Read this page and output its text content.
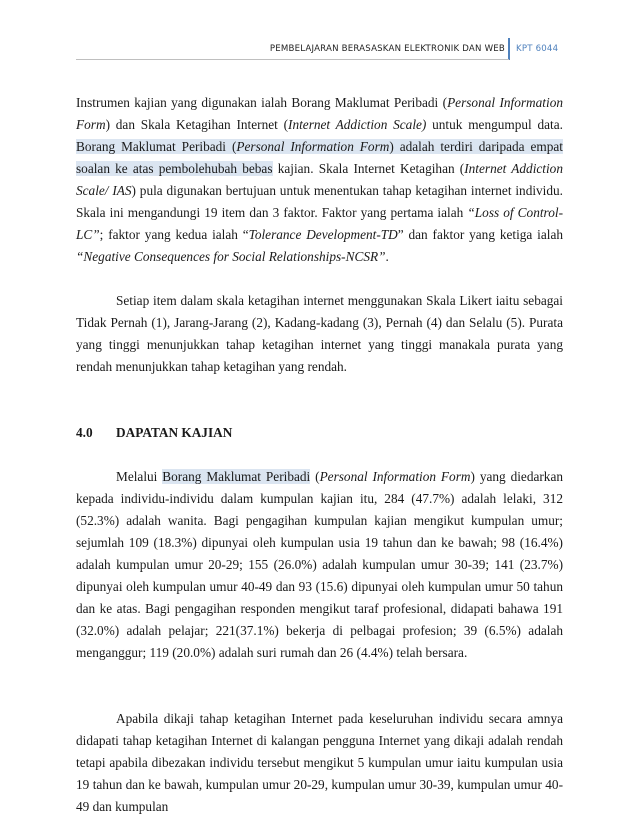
PEMBELAJARAN BERASASKAN ELEKTRONIK DAN WEB KPT 6044

Instrumen kajian yang digunakan ialah Borang Maklumat Peribadi (Personal Information Form) dan Skala Ketagihan Internet (Internet Addiction Scale) untuk mengumpul data. Borang Maklumat Peribadi (Personal Information Form) adalah terdiri daripada empat soalan ke atas pembolehubah bebas kajian. Skala Internet Ketagihan (Internet Addiction Scale/ IAS) pula digunakan bertujuan untuk menentukan tahap ketagihan internet individu. Skala ini mengandungi 19 item dan 3 faktor. Faktor yang pertama ialah “Loss of Control-LC”; faktor yang kedua ialah “Tolerance Development-TD” dan faktor yang ketiga ialah “Negative Consequences for Social Relationships-NCSR”.

Setiap item dalam skala ketagihan internet menggunakan Skala Likert iaitu sebagai Tidak Pernah (1), Jarang-Jarang (2), Kadang-kadang (3), Pernah (4) dan Selalu (5). Purata yang tinggi menunjukkan tahap ketagihan internet yang tinggi manakala purata yang rendah menunjukkan tahap ketagihan yang rendah.

4.0 DAPATAN KAJIAN

Melalui Borang Maklumat Peribadi (Personal Information Form) yang diedarkan kepada individu-individu dalam kumpulan kajian itu, 284 (47.7%) adalah lelaki, 312 (52.3%) adalah wanita. Bagi pengagihan kumpulan kajian mengikut kumpulan umur; sejumlah 109 (18.3%) dipunyai oleh kumpulan usia 19 tahun dan ke bawah; 98 (16.4%) adalah kumpulan umur 20-29; 155 (26.0%) adalah kumpulan umur 30-39; 141 (23.7%) dipunyai oleh kumpulan umur 40-49 dan 93 (15.6) dipunyai oleh kumpulan umur 50 tahun dan ke atas. Bagi pengagihan responden mengikut taraf profesional, didapati bahawa 191 (32.0%) adalah pelajar; 221(37.1%) bekerja di pelbagai profesion; 39 (6.5%) adalah menganggur; 119 (20.0%) adalah suri rumah dan 26 (4.4%) telah bersara.

Apabila dikaji tahap ketagihan Internet pada keseluruhan individu secara amnya didapati tahap ketagihan Internet di kalangan pengguna Internet yang dikaji adalah rendah tetapi apabila dibezakan individu tersebut mengikut 5 kumpulan umur iaitu kumpulan usia 19 tahun dan ke bawah, kumpulan umur 20-29, kumpulan umur 30-39, kumpulan umur 40-49 dan kumpulan
